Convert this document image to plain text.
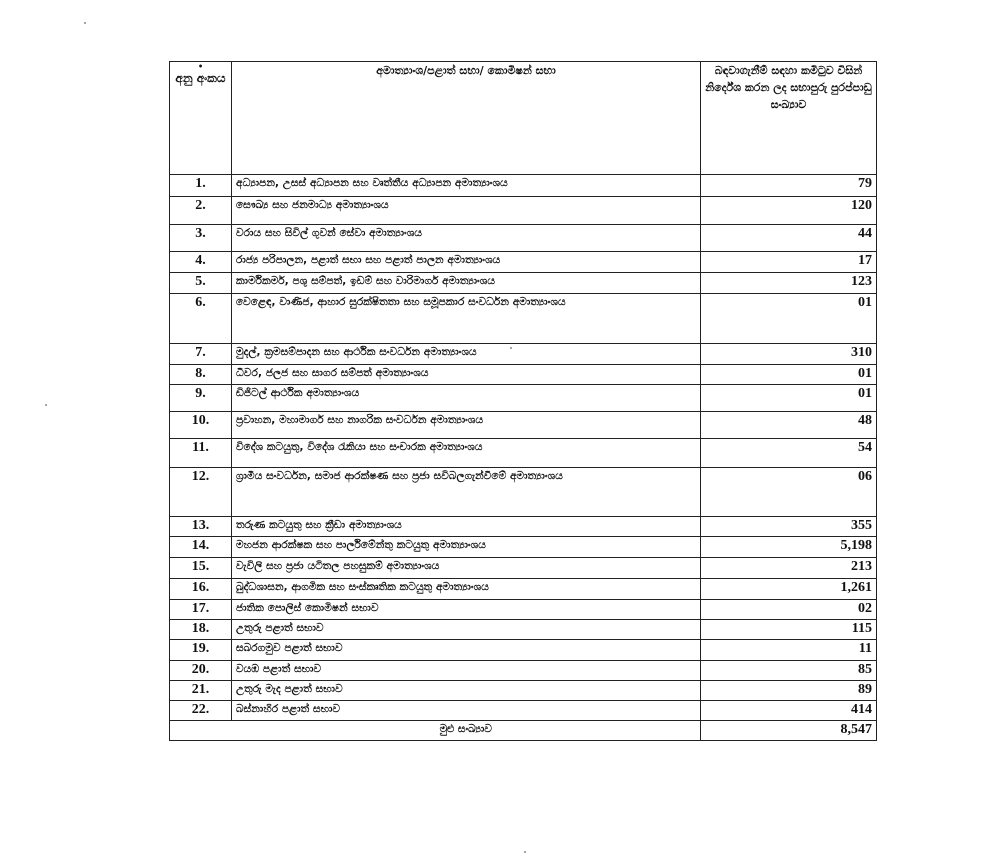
•
අනු අංකය	අමාත්‍යාංශ/පළාත් සභා/ කොමිෂන් සභා	බඳවාගැනීම් සඳහා කමිටුව විසින් නිර්දේශ කරන ලද සභාපුරු පුරප්පාඩු සංඛ්‍යාව
1.	අධ්‍යාපන, උසස් අධ්‍යාපන සහ වෘත්තීය අධ්‍යාපන අමාත්‍යාංශය	79
2.	සෞඛ්‍ය සහ ජනමාධ්‍ය අමාත්‍යාංශය	120
3.	වරාය සහ සිවිල් ගුවන් සේවා අමාත්‍යාංශය	44
4.	රාජ්‍ය පරිපාලන, පළාත් සභා සහ පළාත් පාලන අමාත්‍යාංශය	17
5.	කාර්මිකර්ම, පශු සම්පත්, ඉඩම් සහ වාරිමාර්ග අමාත්‍යාංශය	123
6.	වෙළෙඳ, වාණිජ, ආහාර සුරක්ෂිතතා සහ සමූපකාර සංවර්ධන අමාත්‍යාංශය	01
7.	මුදල්, ක්‍රමසම්පාදන සහ ආර්ථික සංවර්ධන අමාත්‍යාංශය	310
8.	ධීවර, ජලජ සහ සාගර සම්පත් අමාත්‍යාංශය	01
9.	ඩිජිටල් ආර්ථික අමාත්‍යාංශය	01
10.	ප්‍රවාහන, මහාමාර්ග සහ නාගරික සංවර්ධන අමාත්‍යාංශය	48
11.	විදේශ කටයුතු, විදේශ රැකියා සහ සංචාරක අමාත්‍යාංශය	54
12.	ග්‍රාමීය සංවර්ධන, සමාජ ආරක්ෂණ සහ ප්‍රජා සවිබලගැන්වීමේ අමාත්‍යාංශය	06
13.	තරුණ කටයුතු සහ ක්‍රීඩා අමාත්‍යාංශය	355
14.	මහජන ආරක්ෂක සහ පාර්ලිමේන්තු කටයුතු අමාත්‍යාංශය	5,198
15.	වැවිලි සහ ප්‍රජා යටිතල පහසුකම් අමාත්‍යාංශය	213
16.	බුද්ධශාසන, ආගමික සහ සංස්කෘතික කටයුතු අමාත්‍යාංශය	1,261
17.	ජාතික පොලිස් කොමිෂන් සභාව	02
18.	උතුරු පළාත් සභාව	115
19.	සබරගමුව පළාත් සභාව	11
20.	වයඹ පළාත් සභාව	85
21.	උතුරු මැද පළාත් සභාව	89
22.	බස්නාහිර පළාත් සභාව	414
	මුළු සංඛ්‍යාව	8,547
